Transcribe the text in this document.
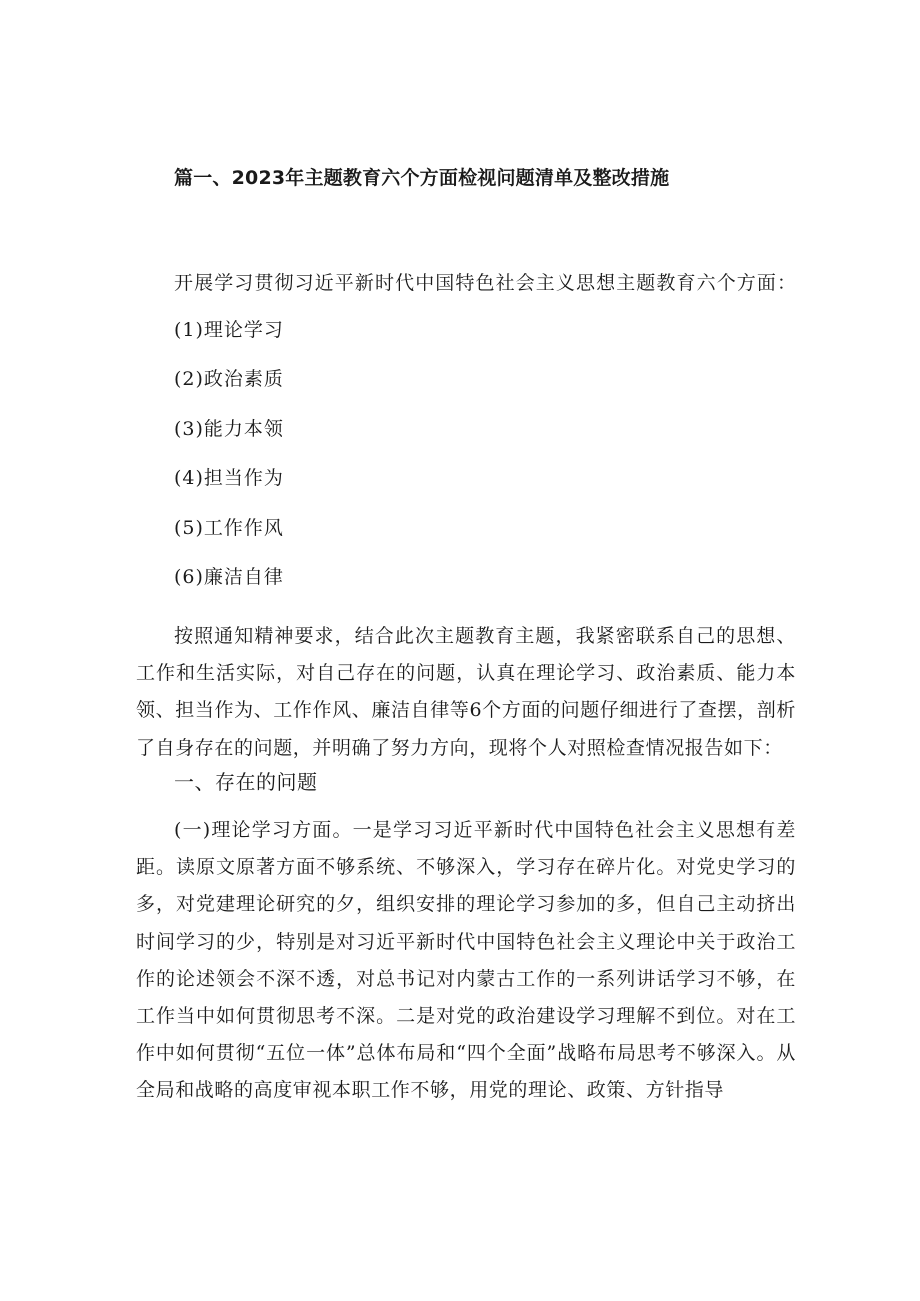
篇一、2023年主题教育六个方面检视问题清单及整改措施

开展学习贯彻习近平新时代中国特色社会主义思想主题教育六个方面：

(1)理论学习
(2)政治素质
(3)能力本领
(4)担当作为
(5)工作作风
(6)廉洁自律

按照通知精神要求，结合此次主题教育主题，我紧密联系自己的思想、工作和生活实际，对自己存在的问题，认真在理论学习、政治素质、能力本领、担当作为、工作作风、廉洁自律等6个方面的问题仔细进行了查摆，剖析了自身存在的问题，并明确了努力方向，现将个人对照检查情况报告如下：

一、存在的问题

(一)理论学习方面。一是学习习近平新时代中国特色社会主义思想有差距。读原文原著方面不够系统、不够深入，学习存在碎片化。对党史学习的多，对党建理论研究的夕，组织安排的理论学习参加的多，但自己主动挤出时间学习的少，特别是对习近平新时代中国特色社会主义理论中关于政治工作的论述领会不深不透，对总书记对内蒙古工作的一系列讲话学习不够，在工作当中如何贯彻思考不深。二是对党的政治建设学习理解不到位。对在工作中如何贯彻“五位一体”总体布局和“四个全面”战略布局思考不够深入。从全局和战略的高度审视本职工作不够，用党的理论、政策、方针指导
